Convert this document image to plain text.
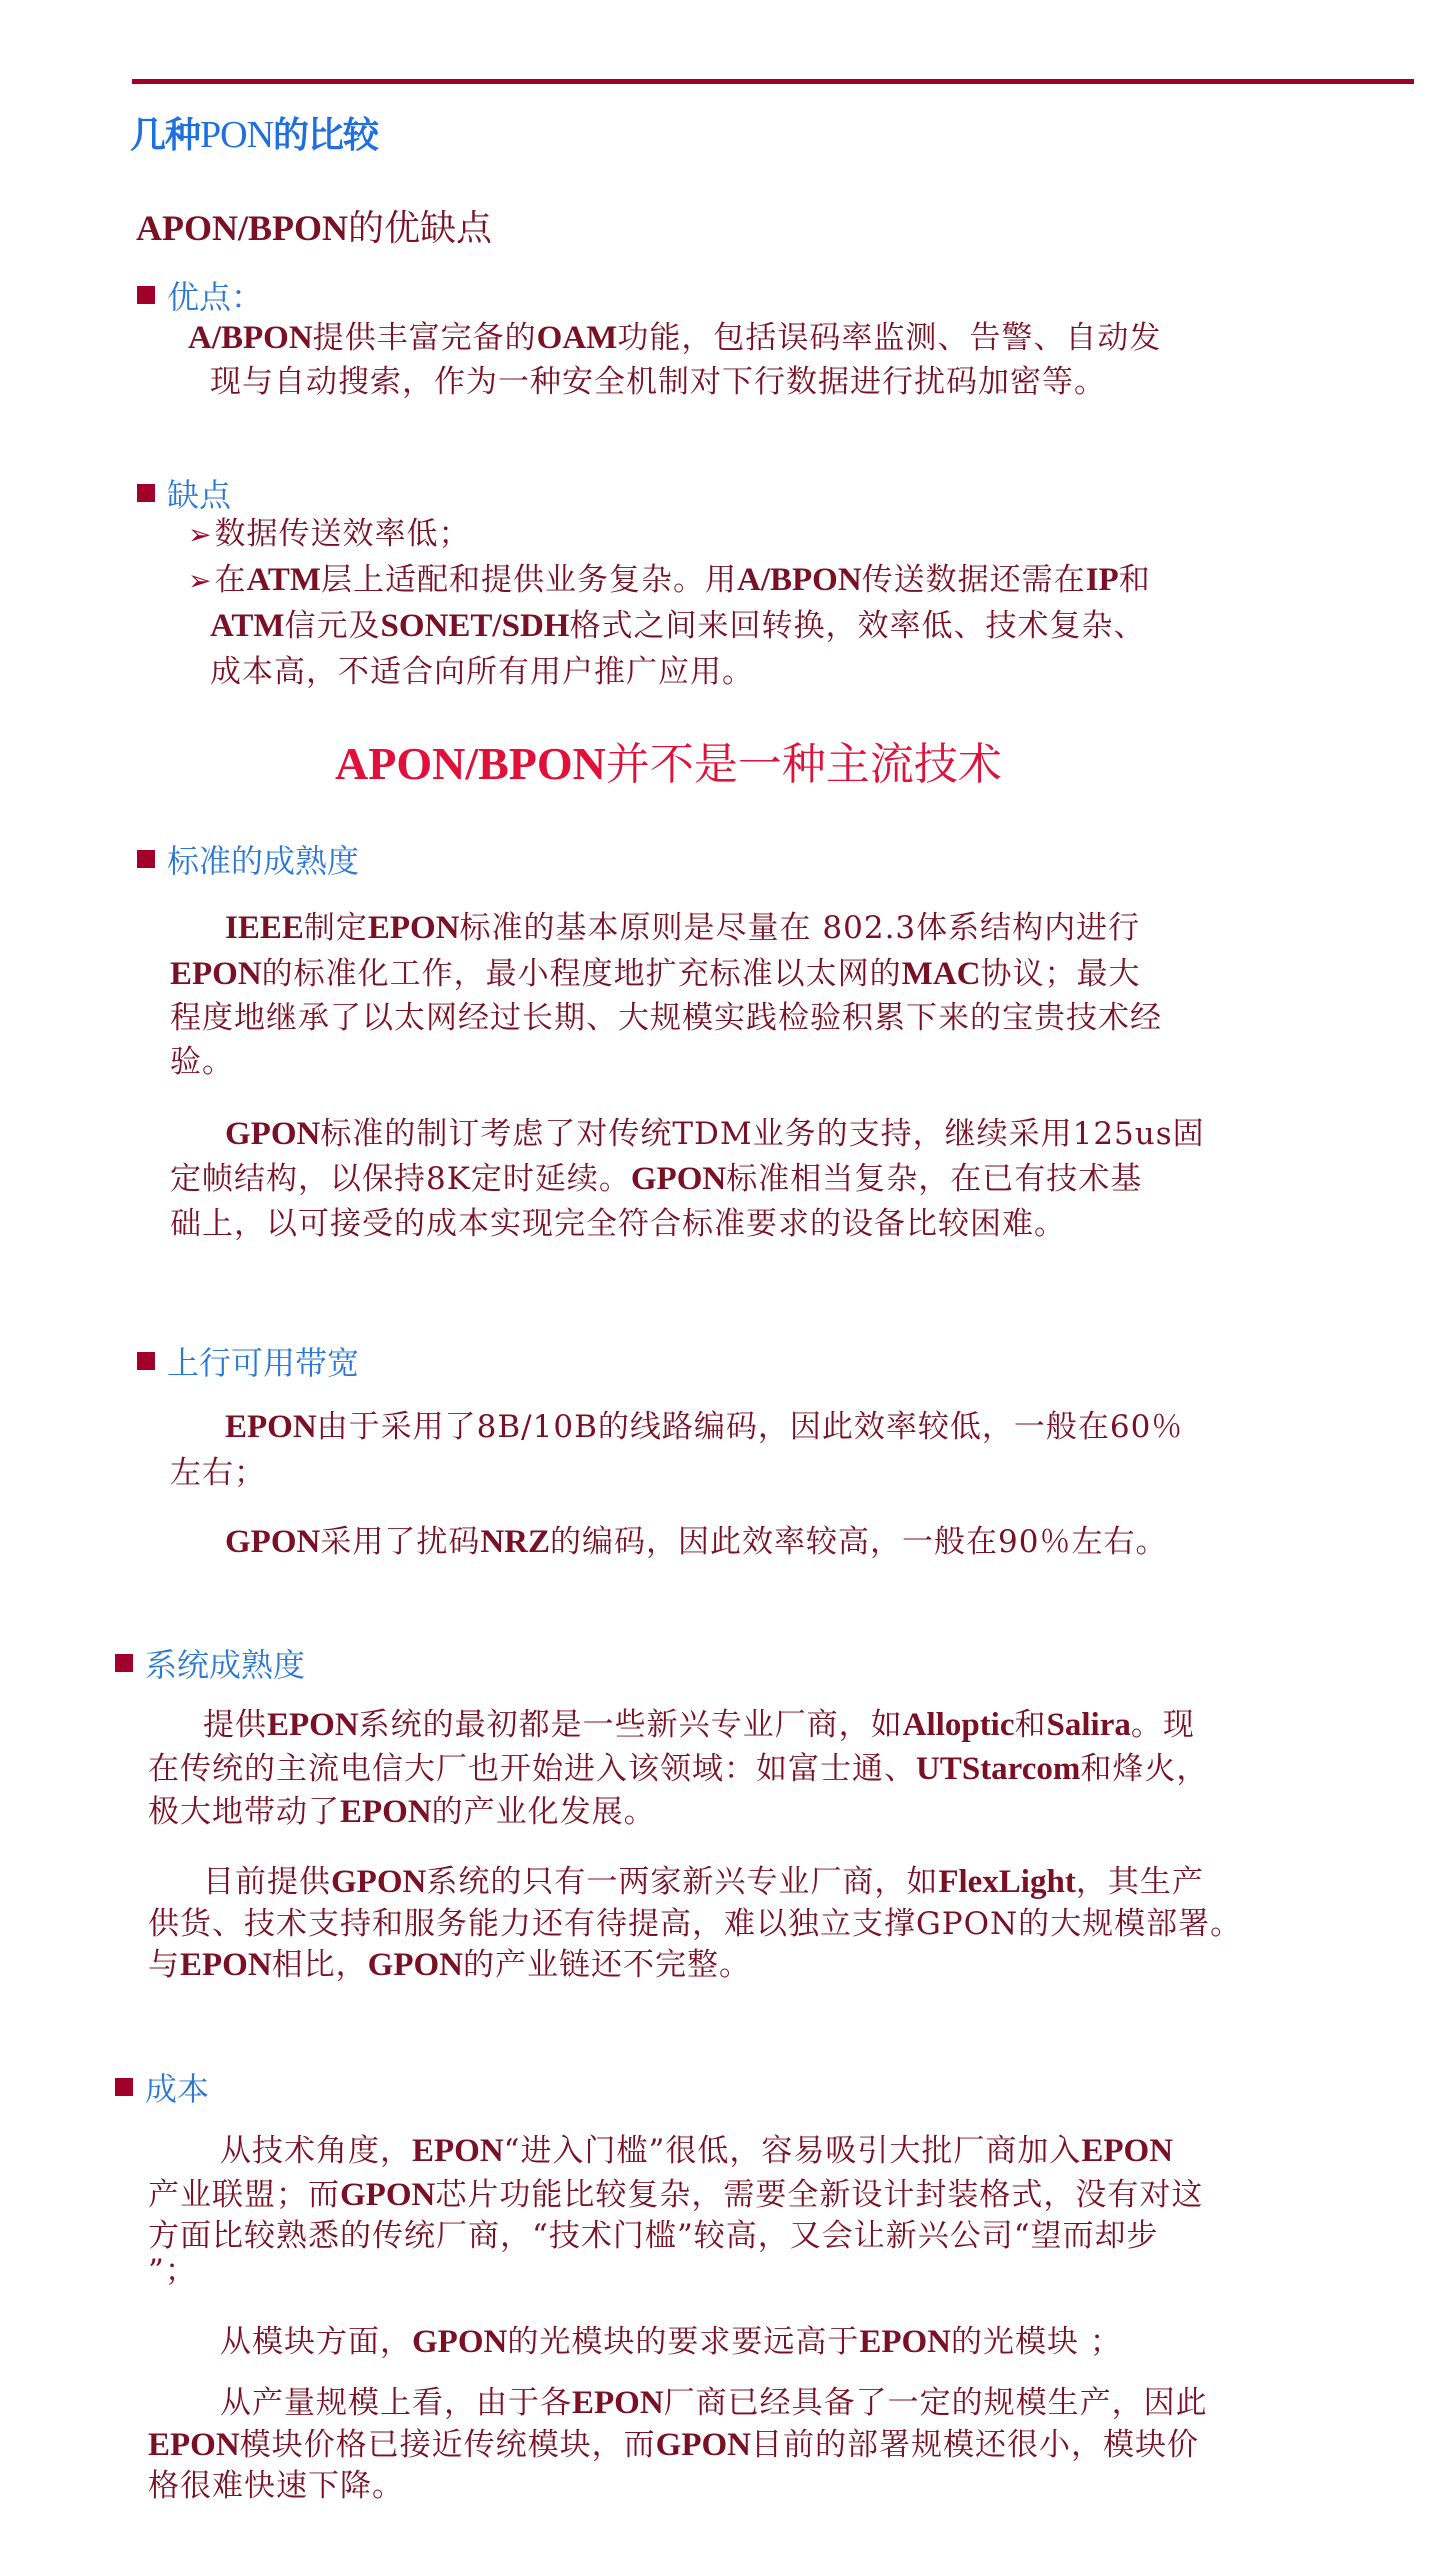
几种PON的比较
APON/BPON的优缺点
优点：
A/BPON提供丰富完备的OAM功能，包括误码率监测、告警、自动发
现与自动搜索，作为一种安全机制对下行数据进行扰码加密等。
缺点
➢数据传送效率低；
➢在ATM层上适配和提供业务复杂。用A/BPON传送数据还需在IP和
ATM信元及SONET/SDH格式之间来回转换，效率低、技术复杂、
成本高，不适合向所有用户推广应用。
APON/BPON并不是一种主流技术
标准的成熟度
IEEE制定EPON标准的基本原则是尽量在 802.3体系结构内进行
EPON的标准化工作，最小程度地扩充标准以太网的MAC协议；最大
程度地继承了以太网经过长期、大规模实践检验积累下来的宝贵技术经
验。
GPON标准的制订考虑了对传统TDM业务的支持，继续采用125us固
定帧结构，以保持8K定时延续。GPON标准相当复杂，在已有技术基
础上，以可接受的成本实现完全符合标准要求的设备比较困难。
上行可用带宽
EPON由于采用了8B/10B的线路编码，因此效率较低，一般在60％
左右；
GPON采用了扰码NRZ的编码，因此效率较高，一般在90％左右。
系统成熟度
提供EPON系统的最初都是一些新兴专业厂商，如Alloptic和Salira。现
在传统的主流电信大厂也开始进入该领域：如富士通、UTStarcom和烽火，
极大地带动了EPON的产业化发展。
目前提供GPON系统的只有一两家新兴专业厂商，如FlexLight，其生产
供货、技术支持和服务能力还有待提高，难以独立支撑GPON的大规模部署。
与EPON相比，GPON的产业链还不完整。
成本
从技术角度，EPON“进入门槛”很低，容易吸引大批厂商加入EPON
产业联盟；而GPON芯片功能比较复杂，需要全新设计封装格式，没有对这
方面比较熟悉的传统厂商，“技术门槛”较高，又会让新兴公司“望而却步
”；
从模块方面，GPON的光模块的要求要远高于EPON的光模块 ；
从产量规模上看，由于各EPON厂商已经具备了一定的规模生产，因此
EPON模块价格已接近传统模块，而GPON目前的部署规模还很小，模块价
格很难快速下降。
